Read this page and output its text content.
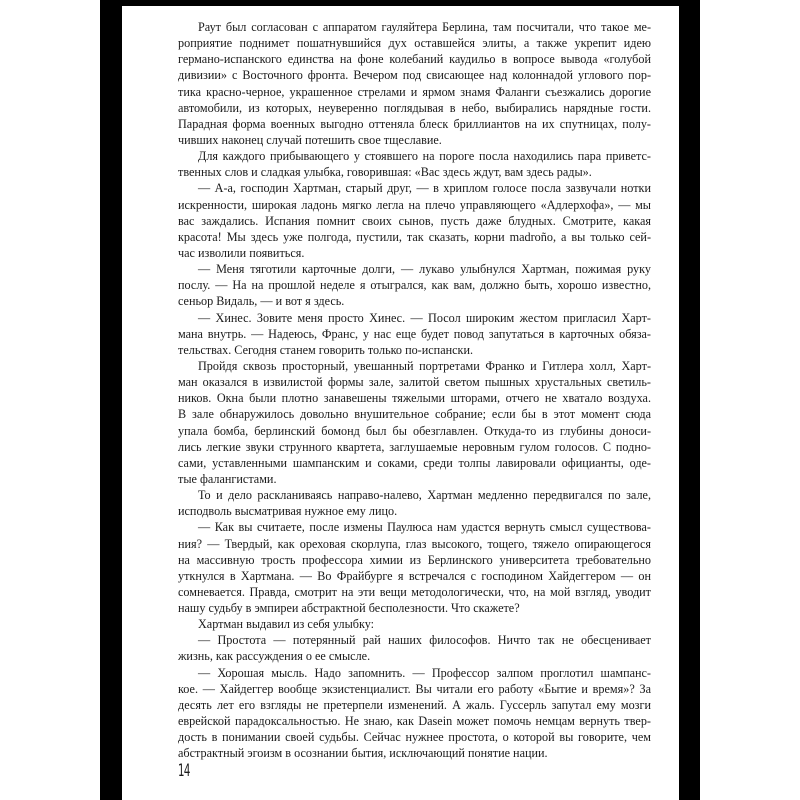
Раут был согласован с аппаратом гауляйтера Берлина, там посчитали, что такое ме-
роприятие поднимет пошатнувшийся дух оставшейся элиты, а также укрепит идею
германо-испанского единства на фоне колебаний каудильо в вопросе вывода «голубой
дивизии» с Восточного фронта. Вечером под свисающее над колоннадой углового пор-
тика красно-черное, украшенное стрелами и ярмом знамя Фаланги съезжались дорогие
автомобили, из которых, неуверенно поглядывая в небо, выбирались нарядные гости.
Парадная форма военных выгодно оттеняла блеск бриллиантов на их спутницах, полу-
чивших наконец случай потешить свое тщеславие.
Для каждого прибывающего у стоявшего на пороге посла находились пара приветс-
твенных слов и сладкая улыбка, говорившая: «Вас здесь ждут, вам здесь рады».
— А-а, господин Хартман, старый друг, — в хриплом голосе посла зазвучали нотки
искренности, широкая ладонь мягко легла на плечо управляющего «Адлерхофа», — мы
вас заждались. Испания помнит своих сынов, пусть даже блудных. Смотрите, какая
красота! Мы здесь уже полгода, пустили, так сказать, корни madroño, а вы только сей-
час изволили появиться.
— Меня тяготили карточные долги, — лукаво улыбнулся Хартман, пожимая руку
послу. — На на прошлой неделе я отыгрался, как вам, должно быть, хорошо известно,
сеньор Видаль, — и вот я здесь.
— Хинес. Зовите меня просто Хинес. — Посол широким жестом пригласил Харт-
мана внутрь. — Надеюсь, Франс, у нас еще будет повод запутаться в карточных обяза-
тельствах. Сегодня станем говорить только по-испански.
Пройдя сквозь просторный, увешанный портретами Франко и Гитлера холл, Харт-
ман оказался в извилистой формы зале, залитой светом пышных хрустальных светиль-
ников. Окна были плотно занавешены тяжелыми шторами, отчего не хватало воздуха.
В зале обнаружилось довольно внушительное собрание; если бы в этот момент сюда
упала бомба, берлинский бомонд был бы обезглавлен. Откуда-то из глубины доноси-
лись легкие звуки струнного квартета, заглушаемые неровным гулом голосов. С подно-
сами, уставленными шампанским и соками, среди толпы лавировали официанты, оде-
тые фалангистами.
То и дело раскланиваясь направо-налево, Хартман медленно передвигался по зале,
исподволь высматривая нужное ему лицо.
— Как вы считаете, после измены Паулюса нам удастся вернуть смысл существова-
ния? — Твердый, как ореховая скорлупа, глаз высокого, тощего, тяжело опирающегося
на массивную трость профессора химии из Берлинского университета требовательно
уткнулся в Хартмана. — Во Фрайбурге я встречался с господином Хайдеггером — он
сомневается. Правда, смотрит на эти вещи методологически, что, на мой взгляд, уводит
нашу судьбу в эмпиреи абстрактной бесполезности. Что скажете?
Хартман выдавил из себя улыбку:
— Простота — потерянный рай наших философов. Ничто так не обесценивает
жизнь, как рассуждения о ее смысле.
— Хорошая мысль. Надо запомнить. — Профессор залпом проглотил шампанс-
кое. — Хайдеггер вообще экзистенциалист. Вы читали его работу «Бытие и время»? За
десять лет его взгляды не претерпели изменений. А жаль. Гуссерль запутал ему мозги
еврейской парадоксальностью. Не знаю, как Dasein может помочь немцам вернуть твер-
дость в понимании своей судьбы. Сейчас нужнее простота, о которой вы говорите, чем
абстрактный эгоизм в осознании бытия, исключающий понятие нации.
14
